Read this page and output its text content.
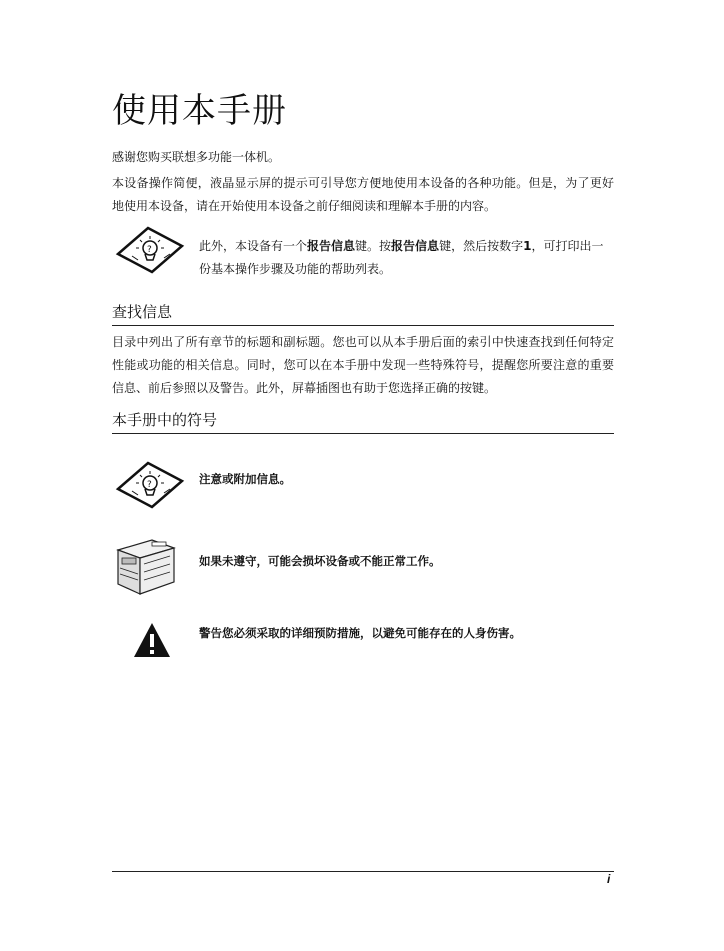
使用本手册

感谢您购买联想多功能一体机。

本设备操作简便，液晶显示屏的提示可引导您方便地使用本设备的各种功能。但是，为了更好地使用本设备，请在开始使用本设备之前仔细阅读和理解本手册的内容。

?	此外，本设备有一个报告信息键。按报告信息键，然后按数字1，可打印出一份基本操作步骤及功能的帮助列表。

查找信息

目录中列出了所有章节的标题和副标题。您也可以从本手册后面的索引中快速查找到任何特定性能或功能的相关信息。同时，您可以在本手册中发现一些特殊符号，提醒您所要注意的重要信息、前后参照以及警告。此外，屏幕插图也有助于您选择正确的按键。

本手册中的符号
?	注意或附加信息。

如果未遵守，可能会损坏设备或不能正常工作。

警告您必须采取的详细预防措施，以避免可能存在的人身伤害。

i
